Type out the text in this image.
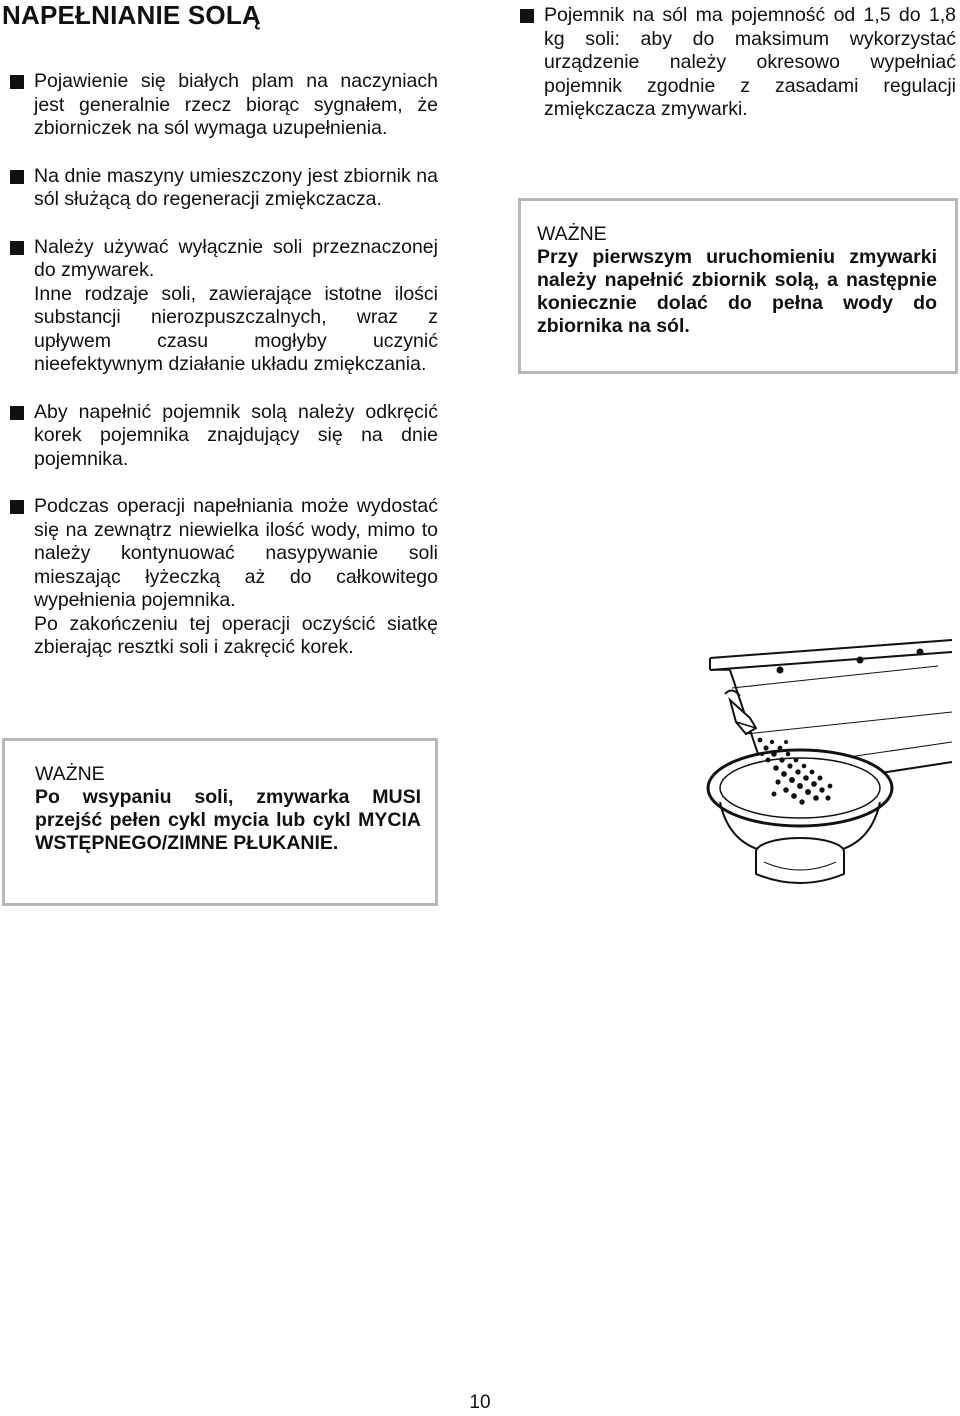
NAPEŁNIANIE SOLĄ

Pojawienie się białych plam na naczyniach jest generalnie rzecz biorąc sygnałem, że zbiorniczek na sól wymaga uzupełnienia.

Na dnie maszyny umieszczony jest zbiornik na sól służącą do regeneracji zmiękczacza.

Należy używać wyłącznie soli przeznaczonej do zmywarek.

Inne rodzaje soli, zawierające istotne ilości substancji nierozpuszczalnych, wraz z upływem czasu mogłyby uczynić nieefektywnym działanie układu zmiękczania.

Aby napełnić pojemnik solą należy odkręcić korek pojemnika znajdujący się na dnie pojemnika.

Podczas operacji napełniania może wydostać się na zewnątrz niewielka ilość wody, mimo to należy kontynuować nasypywanie soli mieszając łyżeczką aż do całkowitego wypełnienia pojemnika.

Po zakończeniu tej operacji oczyścić siatkę zbierając resztki soli i zakręcić korek.

Pojemnik na sól ma pojemność od 1,5 do 1,8 kg soli: aby do maksimum wykorzystać urządzenie należy okresowo wypełniać pojemnik zgodnie z zasadami regulacji zmiękczacza zmywarki.

WAŻNE
Przy pierwszym uruchomieniu zmywarki należy napełnić zbiornik solą, a następnie koniecznie dolać do pełna wody do zbiornika na sól.
WAŻNE
Po wsypaniu soli, zmywarka MUSI przejść pełen cykl mycia lub cykl MYCIA WSTĘPNEGO/ZIMNE PŁUKANIE.
10
